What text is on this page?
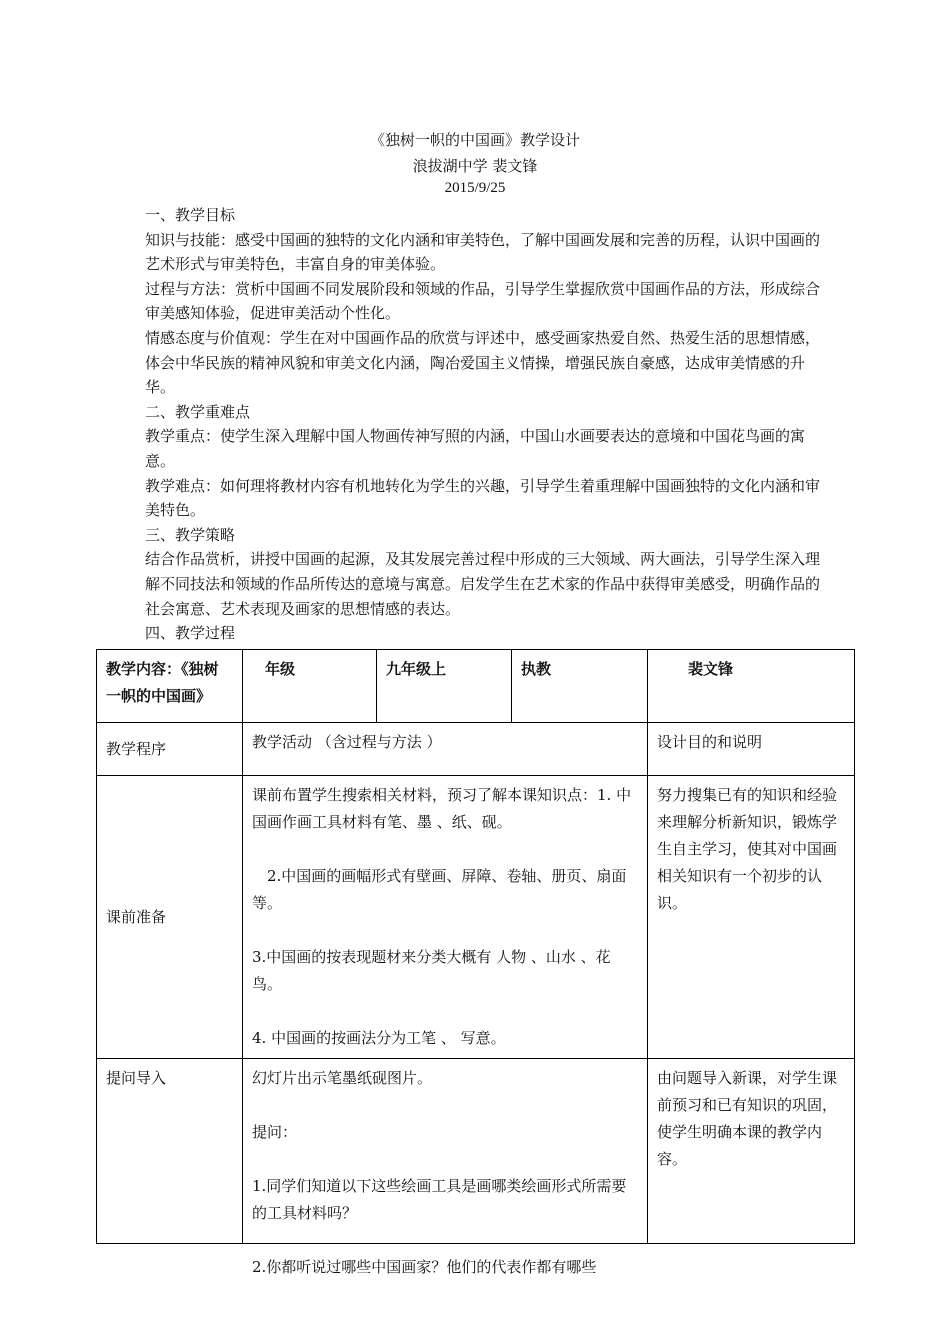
《独树一帜的中国画》教学设计
浪拔湖中学 裴文锋
2015/9/25

一、教学目标

知识与技能：感受中国画的独特的文化内涵和审美特色，了解中国画发展和完善的历程，认识中国画的艺术形式与审美特色，丰富自身的审美体验。

过程与方法：赏析中国画不同发展阶段和领域的作品，引导学生掌握欣赏中国画作品的方法，形成综合审美感知体验，促进审美活动个性化。

情感态度与价值观：学生在对中国画作品的欣赏与评述中，感受画家热爱自然、热爱生活的思想情感，体会中华民族的精神风貌和审美文化内涵，陶冶爱国主义情操，增强民族自豪感，达成审美情感的升华。

二、教学重难点

教学重点：使学生深入理解中国人物画传神写照的内涵，中国山水画要表达的意境和中国花鸟画的寓意。

教学难点：如何理将教材内容有机地转化为学生的兴趣，引导学生着重理解中国画独特的文化内涵和审美特色。

三、教学策略

结合作品赏析，讲授中国画的起源，及其发展完善过程中形成的三大领域、两大画法，引导学生深入理解不同技法和领域的作品所传达的意境与寓意。启发学生在艺术家的作品中获得审美感受，明确作品的社会寓意、艺术表现及画家的思想情感的表达。

四、教学过程

教学内容：《独树一帜的中国画》	年级	九年级上	执教	裴文锋
教学程序	教学活动 （含过程与方法 ）			设计目的和说明
课前准备	课前布置学生搜索相关材料，预习了解本课知识点：1. 中国画作画工具材料有笔、墨 、纸、砚。

2.中国画的画幅形式有壁画、屏障、卷轴、册页、扇面 等。

3.中国画的按表现题材来分类大概有 人物 、山水 、花鸟。

4. 中国画的按画法分为工笔 、 写意。			努力搜集已有的知识和经验来理解分析新知识，锻炼学生自主学习，使其对中国画相关知识有一个初步的认识。
提问导入	幻灯片出示笔墨纸砚图片。

提问：

1.同学们知道以下这些绘画工具是画哪类绘画形式所需要的工具材料吗？

2.你都听说过哪些中国画家？他们的代表作都有哪些			由问题导入新课，对学生课前预习和已有知识的巩固，使学生明确本课的教学内容。
